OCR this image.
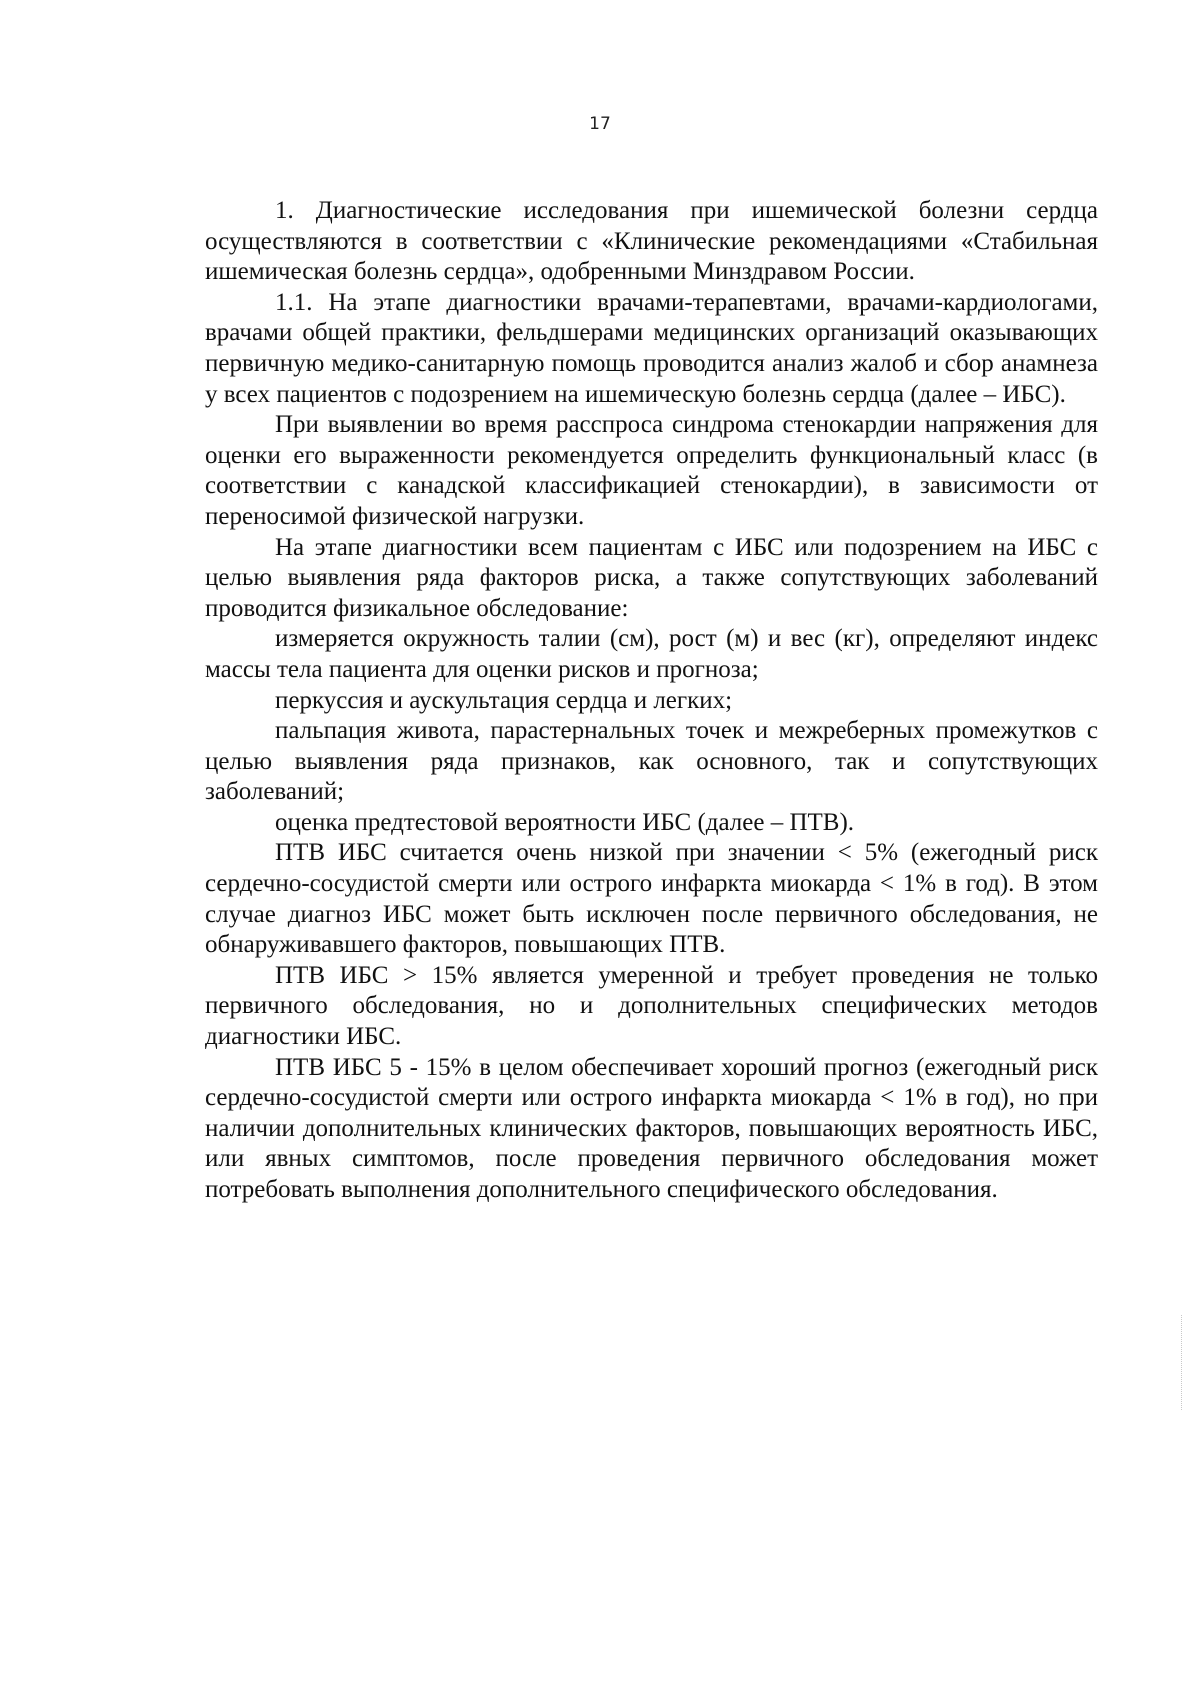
17

1. Диагностические исследования при ишемической болезни сердца осуществляются в соответствии с «Клинические рекомендациями «Стабильная ишемическая болезнь сердца», одобренными Минздравом России.

1.1. На этапе диагностики врачами-терапевтами, врачами-кардиологами, врачами общей практики, фельдшерами медицинских организаций оказывающих первичную медико-санитарную помощь проводится анализ жалоб и сбор анамнеза у всех пациентов с подозрением на ишемическую болезнь сердца (далее – ИБС).

При выявлении во время расспроса синдрома стенокардии напряжения для оценки его выраженности рекомендуется определить функциональный класс (в соответствии с канадской классификацией стенокардии), в зависимости от переносимой физической нагрузки.

На этапе диагностики всем пациентам с ИБС или подозрением на ИБС с целью выявления ряда факторов риска, а также сопутствующих заболеваний проводится физикальное обследование:

измеряется окружность талии (см), рост (м) и вес (кг), определяют индекс массы тела пациента для оценки рисков и прогноза;

перкуссия и аускультация сердца и легких;

пальпация живота, парастернальных точек и межреберных промежутков с целью выявления ряда признаков, как основного, так и сопутствующих заболеваний;

оценка предтестовой вероятности ИБС (далее – ПТВ).

ПТВ ИБС считается очень низкой при значении < 5% (ежегодный риск сердечно-сосудистой смерти или острого инфаркта миокарда < 1% в год). В этом случае диагноз ИБС может быть исключен после первичного обследования, не обнаруживавшего факторов, повышающих ПТВ.

ПТВ ИБС > 15% является умеренной и требует проведения не только первичного обследования, но и дополнительных специфических методов диагностики ИБС.

ПТВ ИБС 5 - 15% в целом обеспечивает хороший прогноз (ежегодный риск сердечно-сосудистой смерти или острого инфаркта миокарда < 1% в год), но при наличии дополнительных клинических факторов, повышающих вероятность ИБС, или явных симптомов, после проведения первичного обследования может потребовать выполнения дополнительного специфического обследования.
